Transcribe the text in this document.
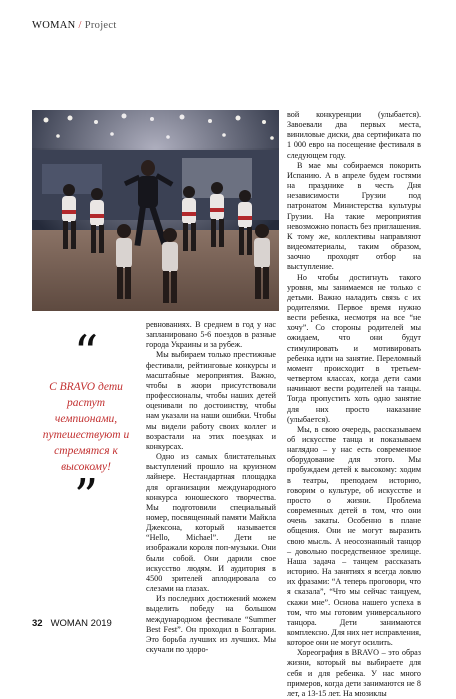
WOMAN / Project
“
С BRAVO дети растут чемпионами, путешествуют и стремятся к высокому!
”

ревнованиях. В среднем в год у нас запланировано 5-6 поездов в разные города Украины и за рубеж.

Мы выбираем только престижные фестивали, рейтинговые конкурсы и масштабные мероприятия. Важно, чтобы в жюри присутствовали профессионалы, чтобы наших детей оценивали по достоинству, чтобы нам указали на наши ошибки. Чтобы мы видели работу своих коллег и возрастали на этих поездках и конкурсах.

Одно из самых блистательных выступлений прошло на круизном лайнере. Нестандартная площадка для организации международного конкурса юношеского творчества. Мы подготовили специальный номер, посвященный памяти Майкла Джексона, который называется “Hello, Michael”. Дети не изображали короля поп-музыки. Они были собой. Они дарили свое искусство людям. И аудитория в 4500 зрителей аплодировала со слезами на глазах.

Из последних достижений можем выделить победу на большом международном фестивале “Summer Best Fest”. Он проходил в Болгарии. Это борьба лучших из лучших. Мы скучали по здоро-

вой конкуренции (улыбается). Завоевали два первых места, виниловые диски, два сертификата по 1 000 евро на посещение фестиваля в следующем году.

В мае мы собираемся покорить Испанию. А в апреле будем гостями на празднике в честь Дня независимости Грузии под патронатом Министерства культуры Грузии. На такие мероприятия невозможно попасть без приглашения. К тому же, коллективы направляют видеоматериалы, таким образом, заочно проходят отбор на выступление.

Но чтобы достигнуть такого уровня, мы занимаемся не только с детьми. Важно наладить связь с их родителями. Первое время нужно вести ребенка, несмотря на все “не хочу”. Со стороны родителей мы ожидаем, что они будут стимулировать и мотивировать ребенка идти на занятие. Переломный момент происходит в третьем-четвертом классах, когда дети сами начинают вести родителей на танцы. Тогда пропустить хоть одно занятие для них просто наказание (улыбается).

Мы, в свою очередь, рассказываем об искусстве танца и показываем наглядно – у нас есть современное оборудование для этого. Мы пробуждаем детей к высокому: ходим в театры, преподаем историю, говорим о культуре, об искусстве и просто о жизни. Проблема современных детей в том, что они очень закаты. Особенно в плане общения. Они не могут выразить свою мысль. А неосознанный танцор – довольно посредственное зрелище. Наша задача – танцем рассказать историю. На занятиях я всегда ловлю их фразами: “А теперь проговори, что я сказала”, “Что мы сейчас танцуем, скажи мне”. Основа нашего успеха в том, что мы готовим универсального танцора. Дети занимаются комплексно. Для них нет исправления, которое они не могут осилить.

Хореография в BRAVO – это образ жизни, который вы выбираете для себя и для ребенка. У нас много примеров, когда дети занимаются не 8 лет, а 13-15 лет. На мюзиклы

32 WOMAN 2019
